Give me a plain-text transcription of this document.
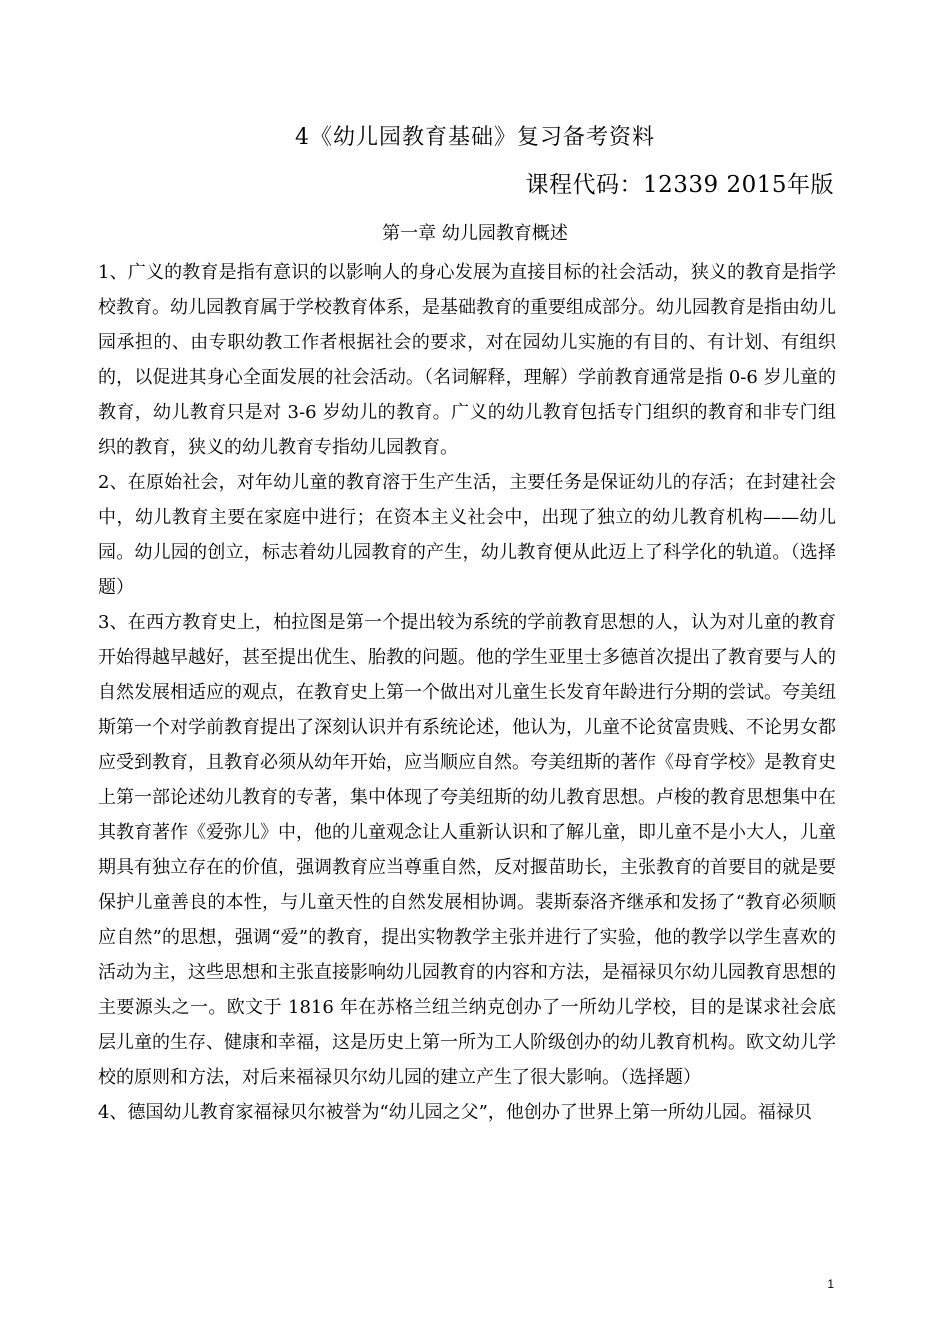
4《幼儿园教育基础》复习备考资料
课程代码：12339 2015年版
第一章 幼儿园教育概述

1、广义的教育是指有意识的以影响人的身心发展为直接目标的社会活动，狭义的教育是指学校教育。幼儿园教育属于学校教育体系，是基础教育的重要组成部分。幼儿园教育是指由幼儿园承担的、由专职幼教工作者根据社会的要求，对在园幼儿实施的有目的、有计划、有组织的，以促进其身心全面发展的社会活动。（名词解释，理解）学前教育通常是指 0-6 岁儿童的教育，幼儿教育只是对 3-6 岁幼儿的教育。广义的幼儿教育包括专门组织的教育和非专门组织的教育，狭义的幼儿教育专指幼儿园教育。

2、在原始社会，对年幼儿童的教育溶于生产生活，主要任务是保证幼儿的存活；在封建社会中，幼儿教育主要在家庭中进行；在资本主义社会中，出现了独立的幼儿教育机构——幼儿园。幼儿园的创立，标志着幼儿园教育的产生，幼儿教育便从此迈上了科学化的轨道。（选择题）

3、在西方教育史上，柏拉图是第一个提出较为系统的学前教育思想的人，认为对儿童的教育开始得越早越好，甚至提出优生、胎教的问题。他的学生亚里士多德首次提出了教育要与人的自然发展相适应的观点，在教育史上第一个做出对儿童生长发育年龄进行分期的尝试。夸美纽斯第一个对学前教育提出了深刻认识并有系统论述，他认为，儿童不论贫富贵贱、不论男女都应受到教育，且教育必须从幼年开始，应当顺应自然。夸美纽斯的著作《母育学校》是教育史上第一部论述幼儿教育的专著，集中体现了夸美纽斯的幼儿教育思想。卢梭的教育思想集中在其教育著作《爱弥儿》中，他的儿童观念让人重新认识和了解儿童，即儿童不是小大人，儿童期具有独立存在的价值，强调教育应当尊重自然，反对揠苗助长，主张教育的首要目的就是要保护儿童善良的本性，与儿童天性的自然发展相协调。裴斯泰洛齐继承和发扬了“教育必须顺应自然”的思想，强调“爱”的教育，提出实物教学主张并进行了实验，他的教学以学生喜欢的活动为主，这些思想和主张直接影响幼儿园教育的内容和方法，是福禄贝尔幼儿园教育思想的主要源头之一。欧文于 1816 年在苏格兰纽兰纳克创办了一所幼儿学校，目的是谋求社会底层儿童的生存、健康和幸福，这是历史上第一所为工人阶级创办的幼儿教育机构。欧文幼儿学校的原则和方法，对后来福禄贝尔幼儿园的建立产生了很大影响。（选择题）

4、德国幼儿教育家福禄贝尔被誉为“幼儿园之父”，他创办了世界上第一所幼儿园。福禄贝

1
